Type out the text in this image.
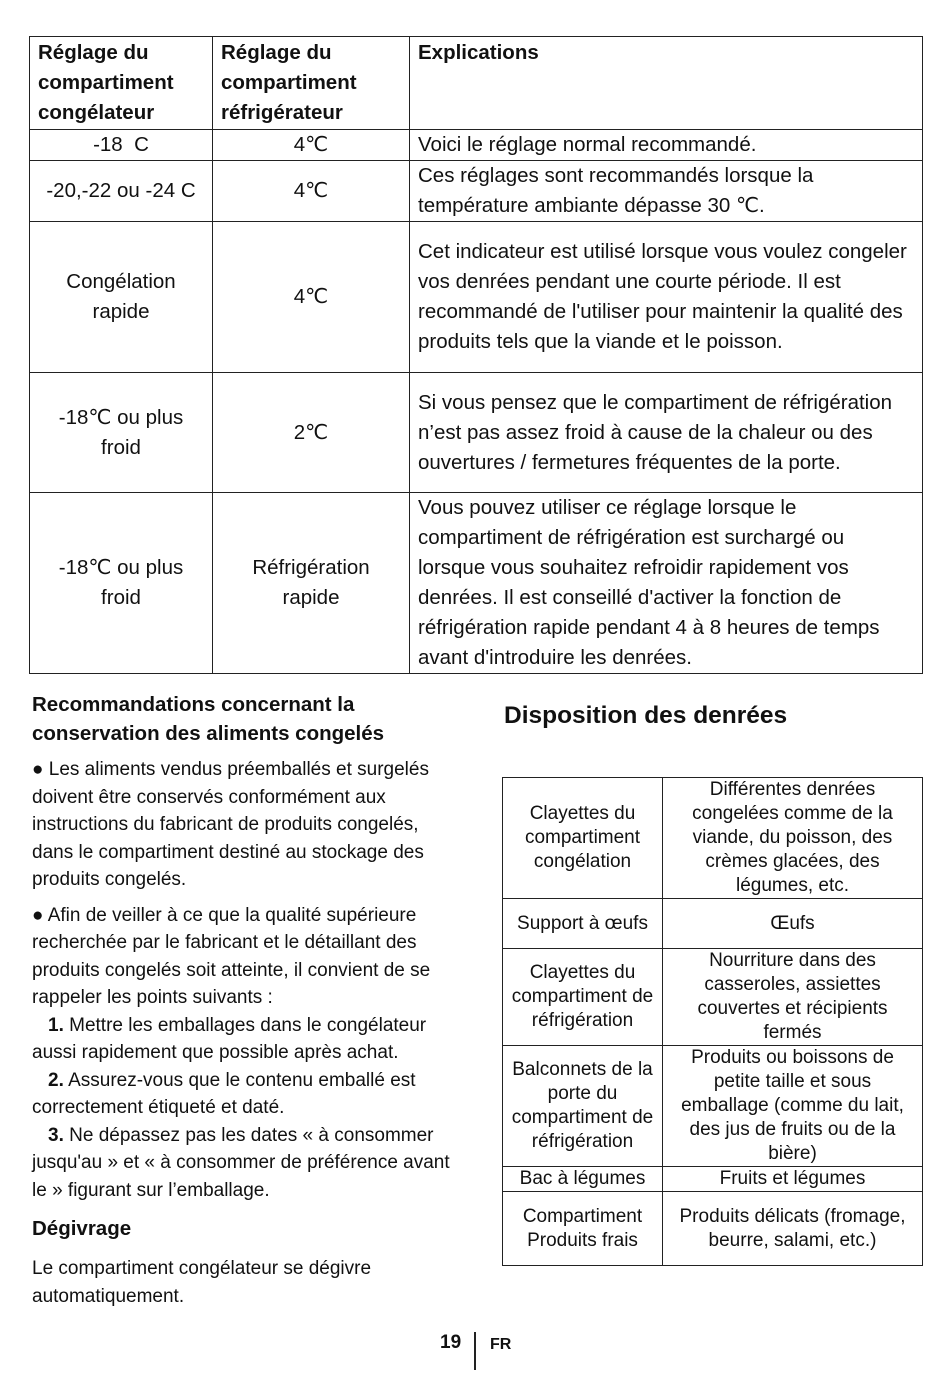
Réglage du compartiment congélateur	Réglage du compartiment réfrigérateur	Explications
-18  C	4℃	Voici le réglage normal recommandé.
-20,-22 ou -24 C	4℃	Ces réglages sont recommandés lorsque la température ambiante dépasse 30 ℃.
Congélation rapide	4℃	Cet indicateur est utilisé lorsque vous voulez congeler vos denrées pendant une courte période. Il est recommandé de l'utiliser pour maintenir la qualité des produits tels que la viande et le poisson.
-18℃ ou plus froid	2℃	Si vous pensez que le compartiment de réfrigération n’est pas assez froid à cause de la chaleur ou des ouvertures / fermetures fréquentes de la porte.
-18℃ ou plus froid	Réfrigération rapide	Vous pouvez utiliser ce réglage lorsque le compartiment de réfrigération est surchargé ou lorsque vous souhaitez refroidir rapidement vos denrées. Il est conseillé d'activer la fonction de réfrigération rapide pendant 4 à 8 heures de temps avant d'introduire les denrées.
Recommandations concernant la conservation des aliments congelés

● Les aliments vendus préemballés et surgelés doivent être conservés conformément aux instructions du fabricant de produits congelés, dans le compartiment destiné au stockage des produits congelés.

● Afin de veiller à ce que la qualité supérieure recherchée par le fabricant et le détaillant des produits congelés soit atteinte, il convient de se rappeler les points suivants :

1. Mettre les emballages dans le congélateur aussi rapidement que possible après achat.

2. Assurez-vous que le contenu emballé est correctement étiqueté et daté.

3. Ne dépassez pas les dates « à consommer jusqu'au » et « à consommer de préférence avant le » figurant sur l’emballage.

Dégivrage

Le compartiment congélateur se dégivre automatiquement.

Disposition des denrées
Clayettes du compartiment congélation	Différentes denrées congelées comme de la viande, du poisson, des crèmes glacées, des légumes, etc.
Support à œufs	Œufs
Clayettes du compartiment de réfrigération	Nourriture dans des casseroles, assiettes couvertes et récipients fermés
Balconnets de la porte du compartiment de réfrigération	Produits ou boissons de petite taille et sous emballage (comme du lait, des jus de fruits ou de la bière)
Bac à légumes	Fruits et légumes
Compartiment Produits frais	Produits délicats (fromage, beurre, salami, etc.)
19 FR
